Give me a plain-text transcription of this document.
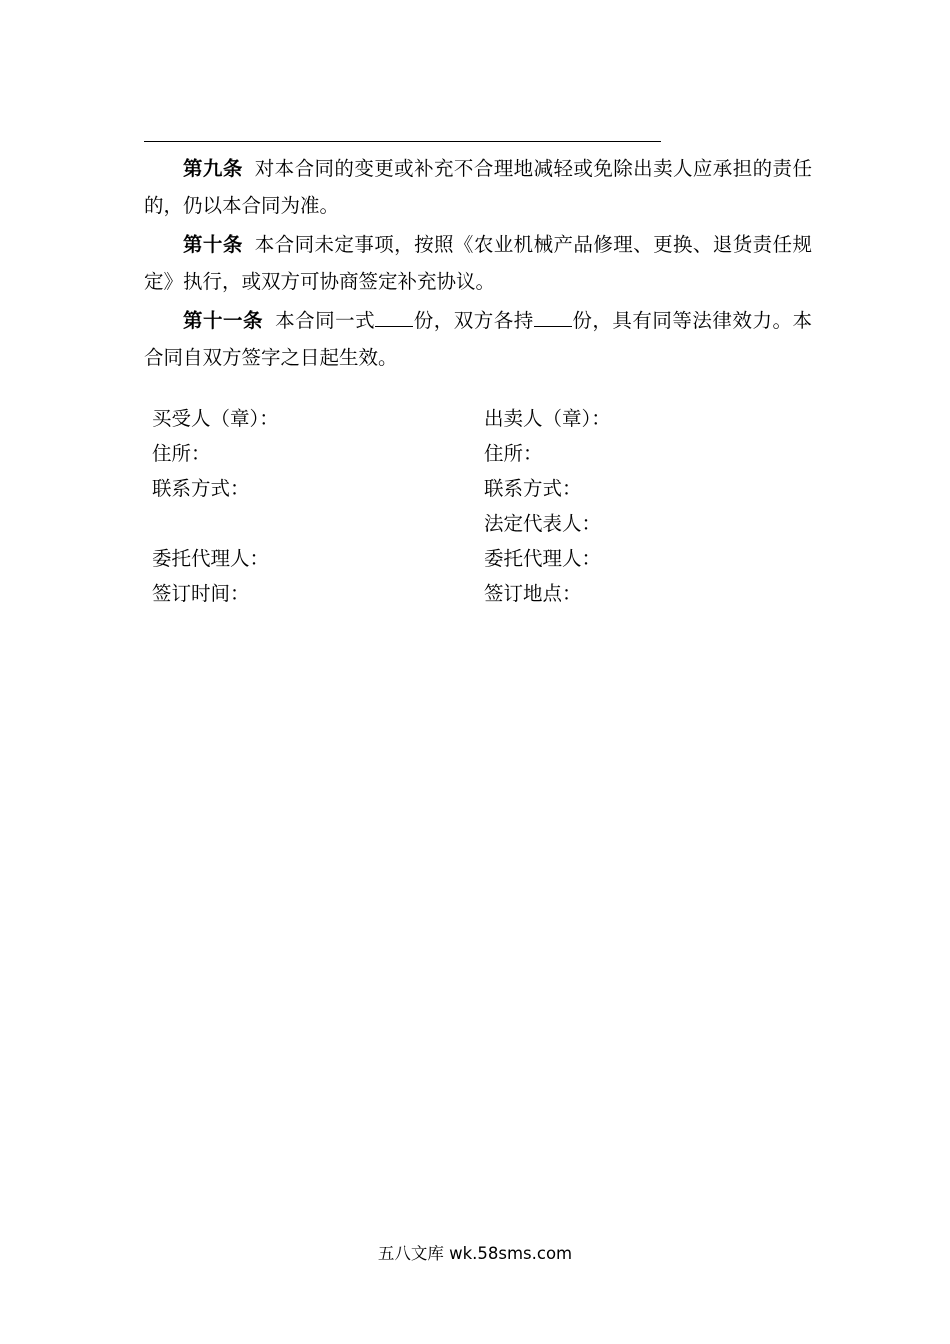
第九条 对本合同的变更或补充不合理地减轻或免除出卖人应承担的责任的，仍以本合同为准。

第十条 本合同未定事项，按照《农业机械产品修理、更换、退货责任规定》执行，或双方可协商签定补充协议。

第十一条 本合同一式 份，双方各持 份，具有同等法律效力。本合同自双方签字之日起生效。

买受人（章）：
住所：
联系方式：
委托代理人：
签订时间：
出卖人（章）：
住所：
联系方式：
法定代表人：
委托代理人：
签订地点：
五八文库 wk.58sms.com
